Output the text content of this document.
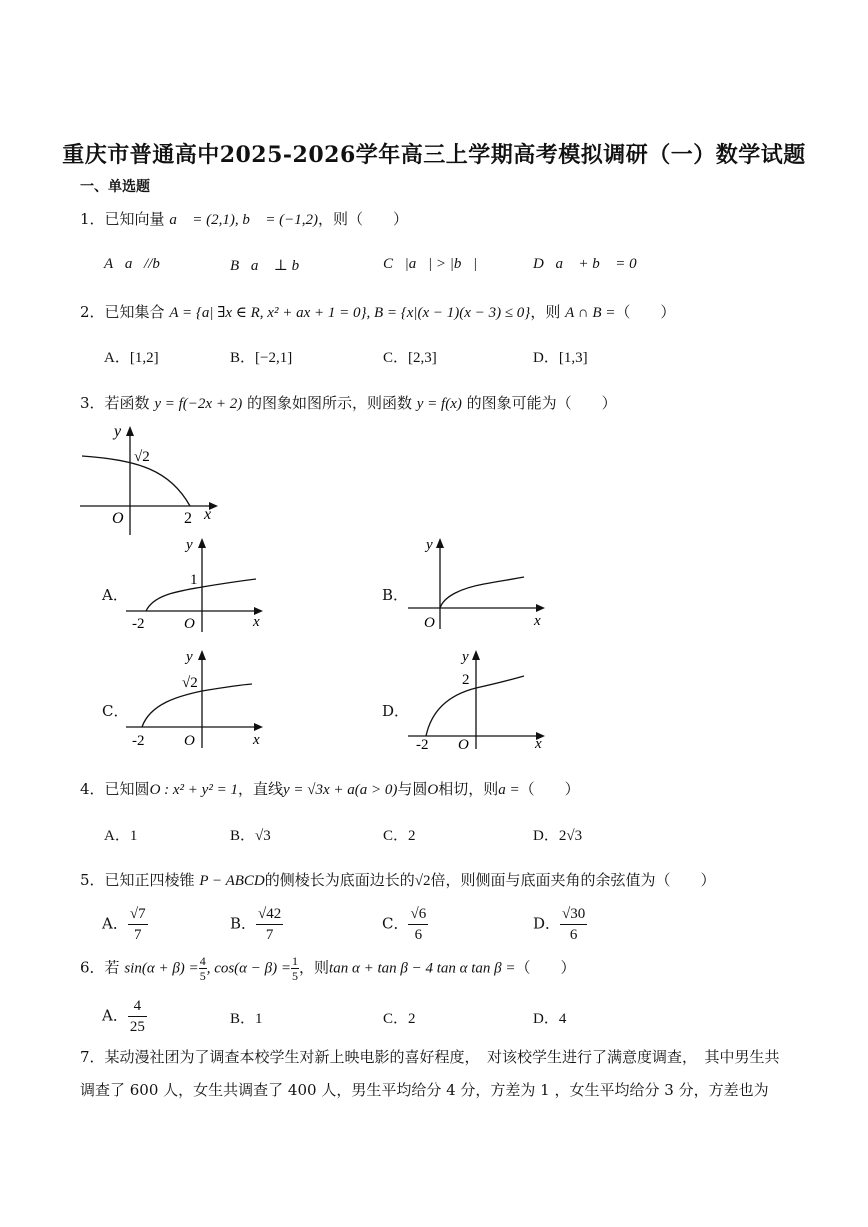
重庆市普通高中2025-2026学年高三上学期高考模拟调研（一）数学试题
一、单选题
1．已知向量 a⃗ = (2,1), b⃗ = (−1,2)，则（　　）
A．a⃗//b⃗	B．a⃗ ⊥ b⃗	C．|a⃗| > |b⃗|	D．a⃗ + b⃗ = 0⃗
2．已知集合 A = {a| ∃x ∈ R, x² + ax + 1 = 0}, B = {x|(x − 1)(x − 3) ≤ 0}，则 A ∩ B =（　　）
A．[1,2]	B．[−2,1]	C．[2,3]	D．[1,3]
3．若函数 y = f(−2x + 2) 的图象如图所示，则函数 y = f(x) 的图象可能为（　　）
y
x
O
√2
2
A．
y
x
O
-2
1
B．
y
x
O
C．
y
x
O
-2
√2
D．
y
x
O
-2
2
4．已知圆O : x² + y² = 1，直线y = √3x + a(a > 0)与圆O相切，则a =（　　）
A．1	B．√3	C．2	D．2√3
5．已知正四棱锥 P − ABCD的侧棱长为底面边长的√2倍，则侧面与底面夹角的余弦值为（　　）
A． $\frac{√7}{7}$	B． $\frac{√42}{7}$	C． $\frac{√6}{6}$	D． $\frac{√30}{6}$
6．若 $\sin(\alpha + \beta) = \frac{4}{5}$ , $\cos(\alpha - \beta) = \frac{1}{5}$ ，则tan α + tan β − 4 tan α tan β =（　　）
A． $\frac{4}{25}$	B．1	C．2	D．4
7．某动漫社团为了调查本校学生对新上映电影的喜好程度，　对该校学生进行了满意度调查，　其中男生共
调查了 600 人，女生共调查了 400 人，男生平均给分 4 分，方差为 1 ，女生平均给分 3 分，方差也为
